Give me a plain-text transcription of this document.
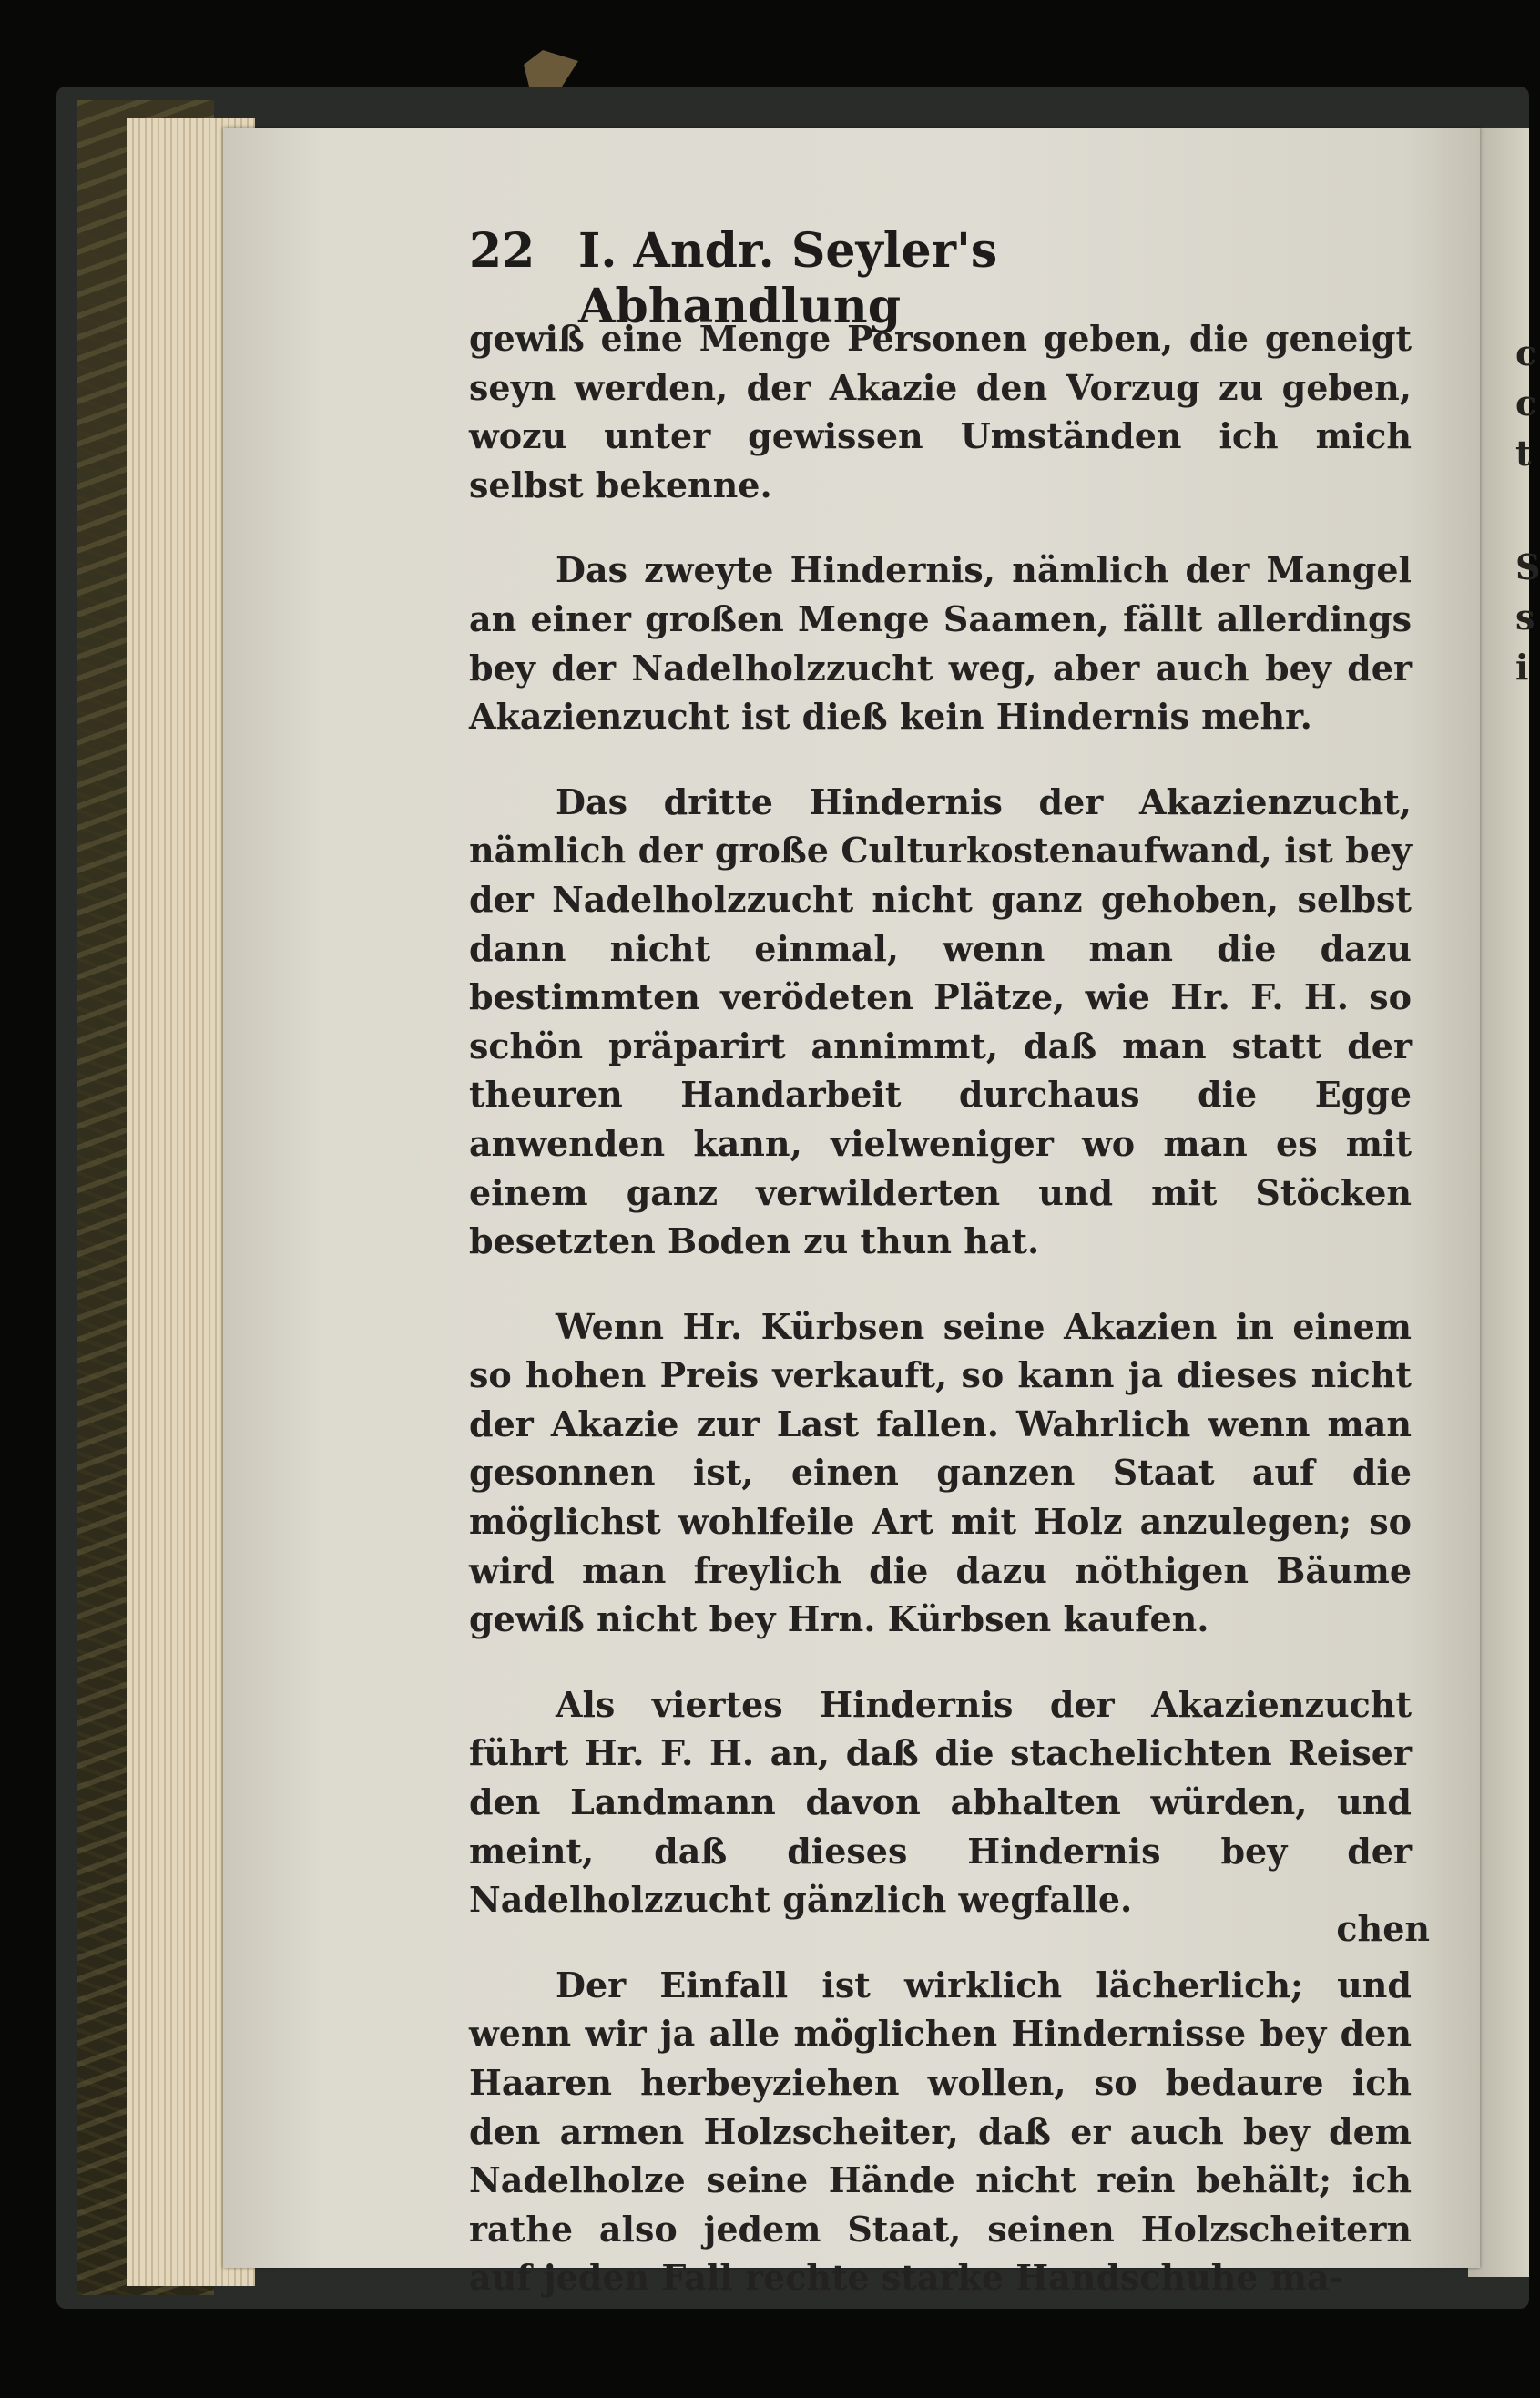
c
c
t
S
s
i
22 I. Andr. Seyler's Abhandlung

gewiß eine Menge Personen geben, die geneigt seyn werden, der Akazie den Vorzug zu geben, wozu unter gewissen Umständen ich mich selbst bekenne.

Das zweyte Hindernis, nämlich der Mangel an einer großen Menge Saamen, fällt allerdings bey der Nadelholzzucht weg, aber auch bey der Akazienzucht ist dieß kein Hindernis mehr.

Das dritte Hindernis der Akazienzucht, nämlich der große Culturkostenaufwand, ist bey der Nadelholzzucht nicht ganz gehoben, selbst dann nicht einmal, wenn man die dazu bestimmten verödeten Plätze, wie Hr. F. H. so schön präparirt annimmt, daß man statt der theuren Handarbeit durchaus die Egge anwenden kann, vielweniger wo man es mit einem ganz verwilderten und mit Stöcken besetzten Boden zu thun hat.

Wenn Hr. Kürbsen seine Akazien in einem so hohen Preis verkauft, so kann ja dieses nicht der Akazie zur Last fallen. Wahrlich wenn man gesonnen ist, einen ganzen Staat auf die möglichst wohlfeile Art mit Holz anzulegen; so wird man freylich die dazu nöthigen Bäume gewiß nicht bey Hrn. Kürbsen kaufen.

Als viertes Hindernis der Akazienzucht führt Hr. F. H. an, daß die stachelichten Reiser den Landmann davon abhalten würden, und meint, daß dieses Hindernis bey der Nadelholzzucht gänzlich wegfalle.

Der Einfall ist wirklich lächerlich; und wenn wir ja alle möglichen Hindernisse bey den Haaren herbeyziehen wollen, so bedaure ich den armen Holzscheiter, daß er auch bey dem Nadelholze seine Hände nicht rein behält; ich rathe also jedem Staat, seinen Holzscheitern auf jeden Fall rechte starke Handschuhe ma-

chen
